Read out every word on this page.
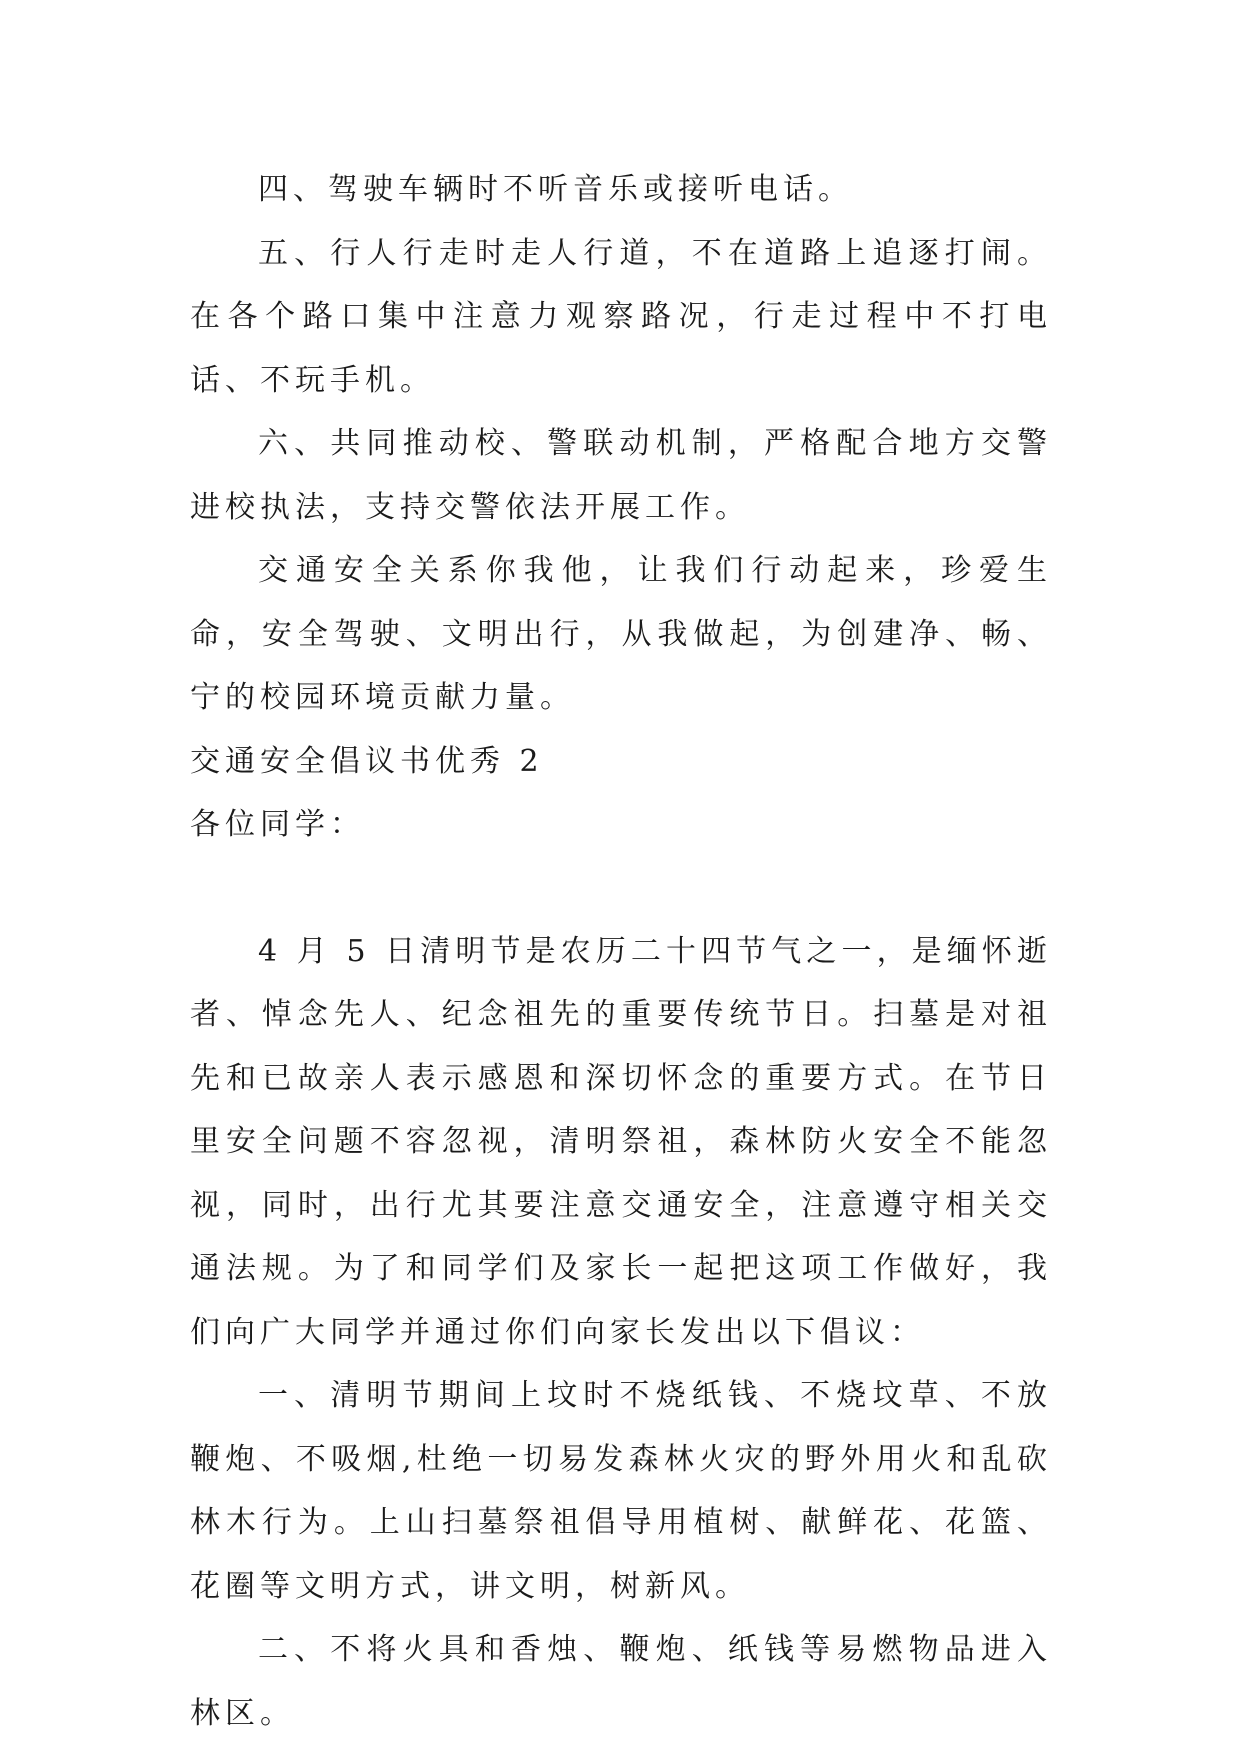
四、驾驶车辆时不听音乐或接听电话。

五、行人行走时走人行道，不在道路上追逐打闹。在各个路口集中注意力观察路况，行走过程中不打电话、不玩手机。

六、共同推动校、警联动机制，严格配合地方交警进校执法，支持交警依法开展工作。

交通安全关系你我他，让我们行动起来，珍爱生命，安全驾驶、文明出行，从我做起，为创建净、畅、宁的校园环境贡献力量。

交通安全倡议书优秀 2

各位同学：

4 月 5 日清明节是农历二十四节气之一，是缅怀逝者、悼念先人、纪念祖先的重要传统节日。扫墓是对祖先和已故亲人表示感恩和深切怀念的重要方式。在节日里安全问题不容忽视，清明祭祖，森林防火安全不能忽视，同时，出行尤其要注意交通安全，注意遵守相关交通法规。为了和同学们及家长一起把这项工作做好，我们向广大同学并通过你们向家长发出以下倡议：

一、清明节期间上坟时不烧纸钱、不烧坟草、不放鞭炮、不吸烟,杜绝一切易发森林火灾的野外用火和乱砍林木行为。上山扫墓祭祖倡导用植树、献鲜花、花篮、花圈等文明方式，讲文明，树新风。

二、不将火具和香烛、鞭炮、纸钱等易燃物品进入林区。
